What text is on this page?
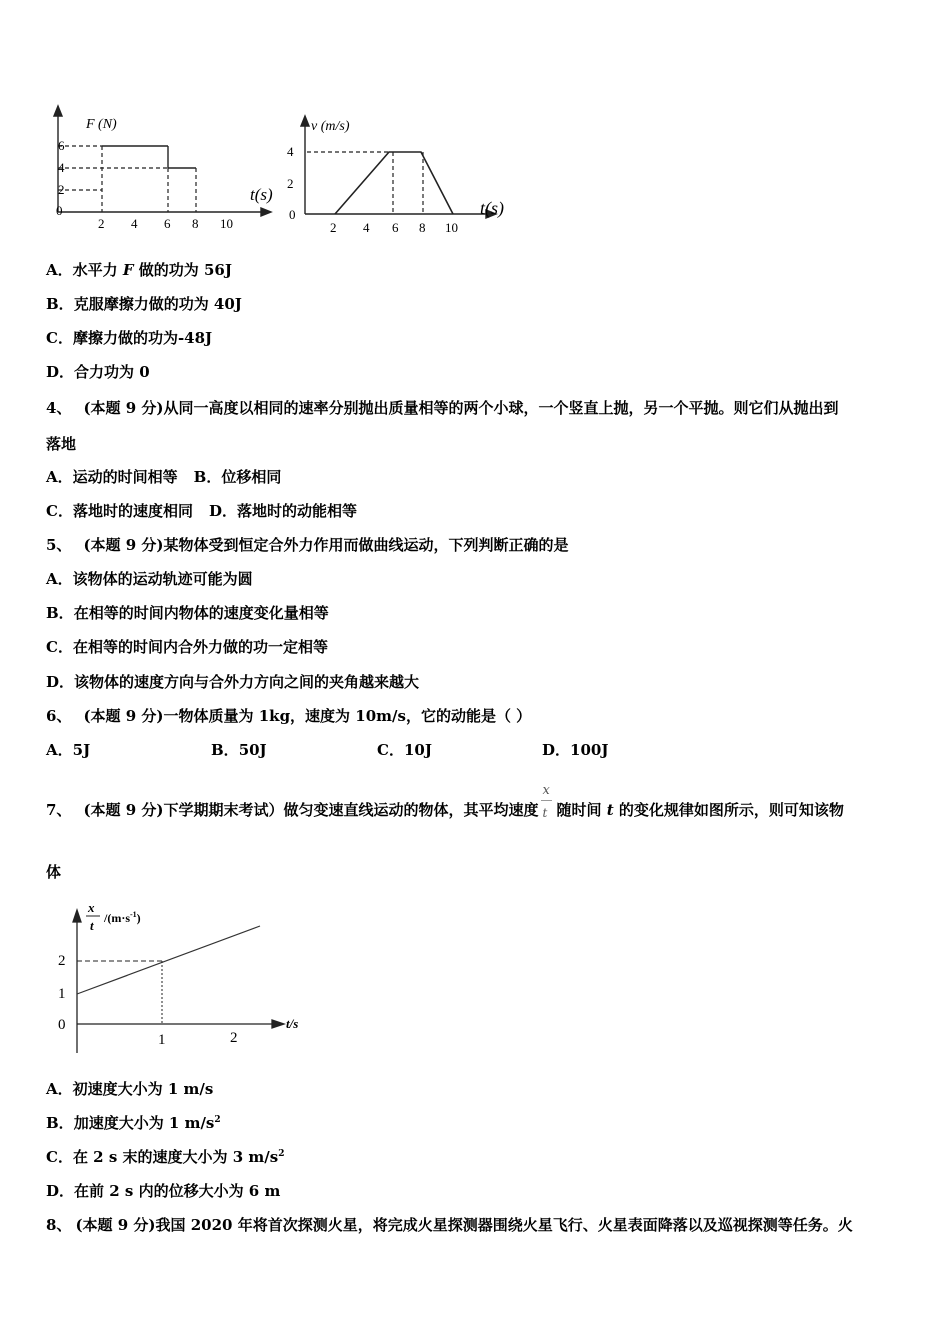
F (N)
6
4
2
0
2 4 6 8 10
t(s)
v (m/s)
4
2
0
2 4 6 8 10
t(s)
A．水平力 F 做的功为 56J
B．克服摩擦力做的功为 40J
C．摩擦力做的功为-48J
D．合力功为 0
4、 (本题 9 分)从同一高度以相同的速率分别抛出质量相等的两个小球，一个竖直上抛，另一个平抛。则它们从抛出到
落地
A．运动的时间相等 B．位移相同
C．落地时的速度相同 D．落地时的动能相等
5、 (本题 9 分)某物体受到恒定合外力作用而做曲线运动，下列判断正确的是
A．该物体的运动轨迹可能为圆
B．在相等的时间内物体的速度变化量相等
C．在相等的时间内合外力做的功一定相等
D．该物体的速度方向与合外力方向之间的夹角越来越大
6、 (本题 9 分)一物体质量为 1kg，速度为 10m/s，它的动能是（ ）
A．5J	B．50J	C．10J	D．100J
7、 (本题 9 分)下学期期末考试）做匀变速直线运动的物体，其平均速度 $\frac{x}{t}$ 随时间 t 的变化规律如图所示，则可知该物
体
x
t $/(m\cdot s^{-1})$
2
1
0
1	2
t/s
A．初速度大小为 1 m/s
B．加速度大小为 1 $m/s^2$
C．在 2 s 末的速度大小为 3 $m/s^2$
D．在前 2 s 内的位移大小为 6 m
8、 (本题 9 分)我国 2020 年将首次探测火星，将完成火星探测器围绕火星飞行、火星表面降落以及巡视探测等任务。火
